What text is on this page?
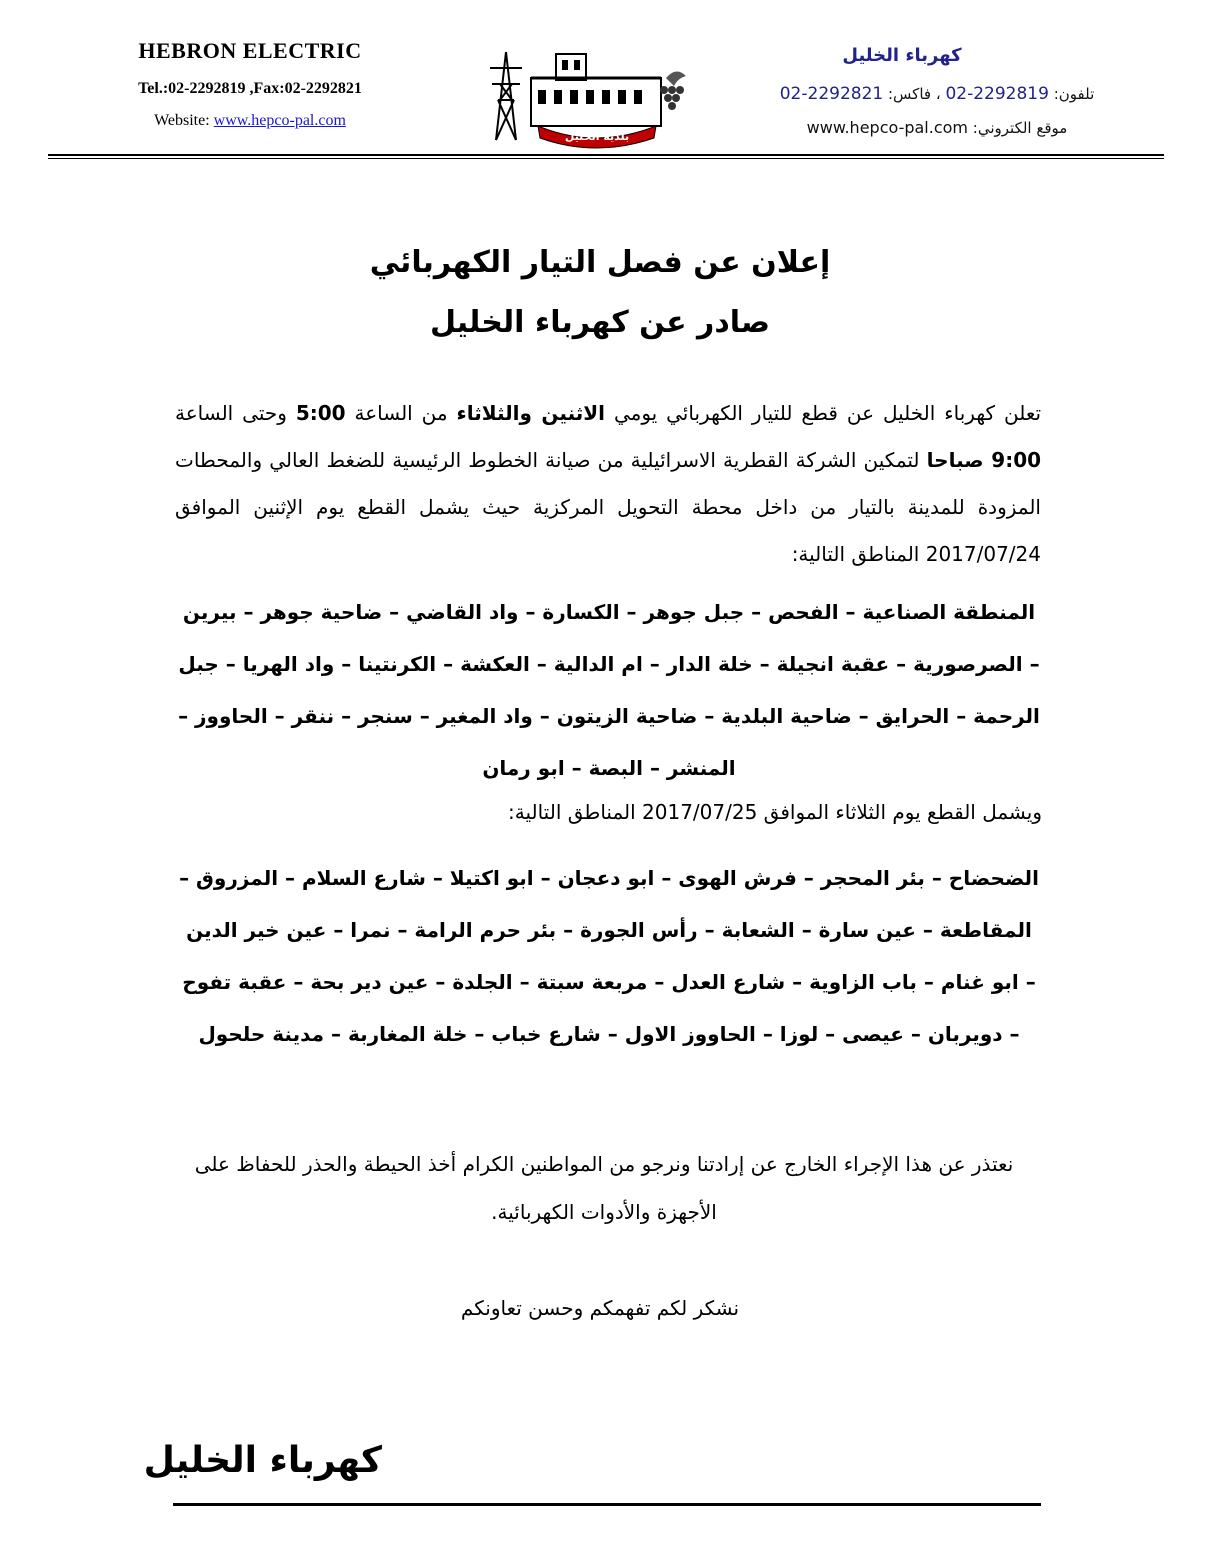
HEBRON ELECTRIC
Tel.:02-2292819 ,Fax:02-2292821
Website: www.hepco-pal.com
بلدية الخليل
كهرباء الخليل
تلفون: 02-2292819 ، فاكس: 02-2292821
موقع الكتروني: www.hepco-pal.com
إعلان عن فصل التيار الكهربائي
صادر عن كهرباء الخليل
تعلن كهرباء الخليل عن قطع للتيار الكهربائي يومي الاثنين والثلاثاء من الساعة 5:00 وحتى الساعة 9:00 صباحا لتمكين الشركة القطرية الاسرائيلية من صيانة الخطوط الرئيسية للضغط العالي والمحطات المزودة للمدينة بالتيار من داخل محطة التحويل المركزية حيث يشمل القطع يوم الإثنين الموافق 2017/07/24 المناطق التالية:
المنطقة الصناعية – الفحص – جبل جوهر – الكسارة – واد القاضي – ضاحية جوهر – بيرين – الصرصورية – عقبة انجيلة – خلة الدار – ام الدالية – العكشة – الكرنتينا – واد الهريا – جبل الرحمة – الحرايق – ضاحية البلدية – ضاحية الزيتون – واد المغير – سنجر – ننقر – الحاووز – المنشر – البصة – ابو رمان
ويشمل القطع يوم الثلاثاء الموافق 2017/07/25 المناطق التالية:
الضحضاح – بئر المحجر – فرش الهوى – ابو دعجان – ابو اكتيلا – شارع السلام – المزروق – المقاطعة – عين سارة – الشعابة – رأس الجورة – بئر حرم الرامة – نمرا – عين خير الدين – ابو غنام – باب الزاوية – شارع العدل – مربعة سبتة – الجلدة – عين دير بحة – عقبة تفوح – دويربان – عيصى – لوزا – الحاووز الاول – شارع خباب – خلة المغاربة – مدينة حلحول
نعتذر عن هذا الإجراء الخارج عن إرادتنا ونرجو من المواطنين الكرام أخذ الحيطة والحذر للحفاظ على الأجهزة والأدوات الكهربائية.
نشكر لكم تفهمكم وحسن تعاونكم
كهرباء الخليل
